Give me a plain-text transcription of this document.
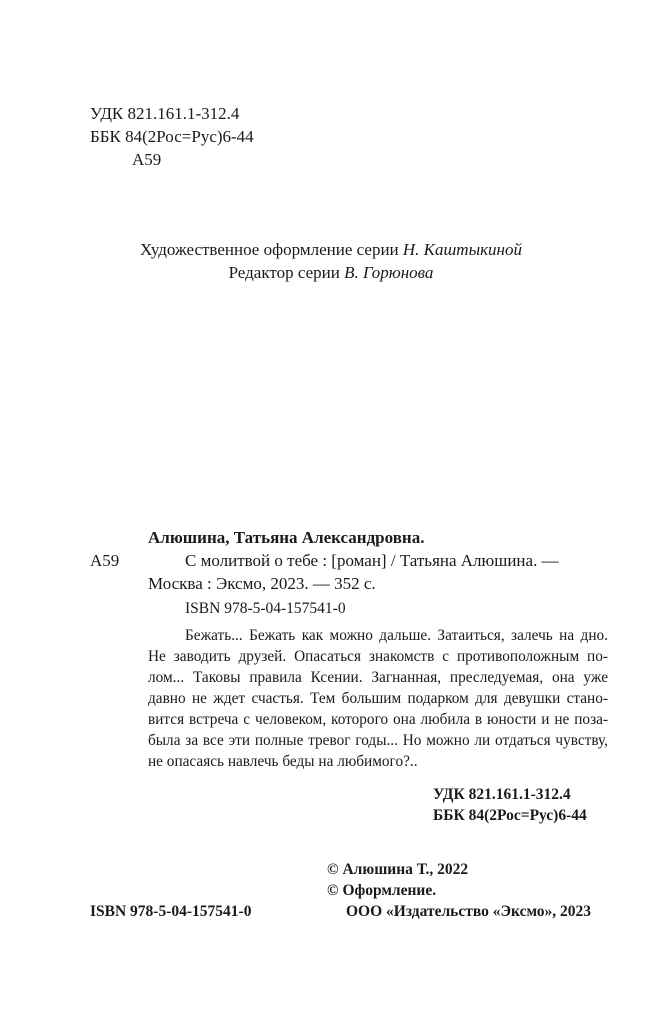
УДК 821.161.1-312.4
ББК 84(2Рос=Рус)6-44
А59
Художественное оформление серии Н. Каштыкиной
Редактор серии В. Горюнова
Алюшина, Татьяна Александровна.
А59	С молитвой о тебе : [роман] / Татьяна Алюшина. —
Москва : Эксмо, 2023. — 352 с.
ISBN 978-5-04-157541-0
Бежать... Бежать как можно дальше. Затаиться, залечь на дно.
Не заводить друзей. Опасаться знакомств с противоположным по-
лом... Таковы правила Ксении. Загнанная, преследуемая, она уже
давно не ждет счастья. Тем большим подарком для девушки стано-
вится встреча с человеком, которого она любила в юности и не поза-
была за все эти полные тревог годы... Но можно ли отдаться чувству,
не опасаясь навлечь беды на любимого?..
УДК 821.161.1-312.4
ББК 84(2Рос=Рус)6-44
© Алюшина Т., 2022
© Оформление.
ООО «Издательство «Эксмо», 2023
ISBN 978-5-04-157541-0
